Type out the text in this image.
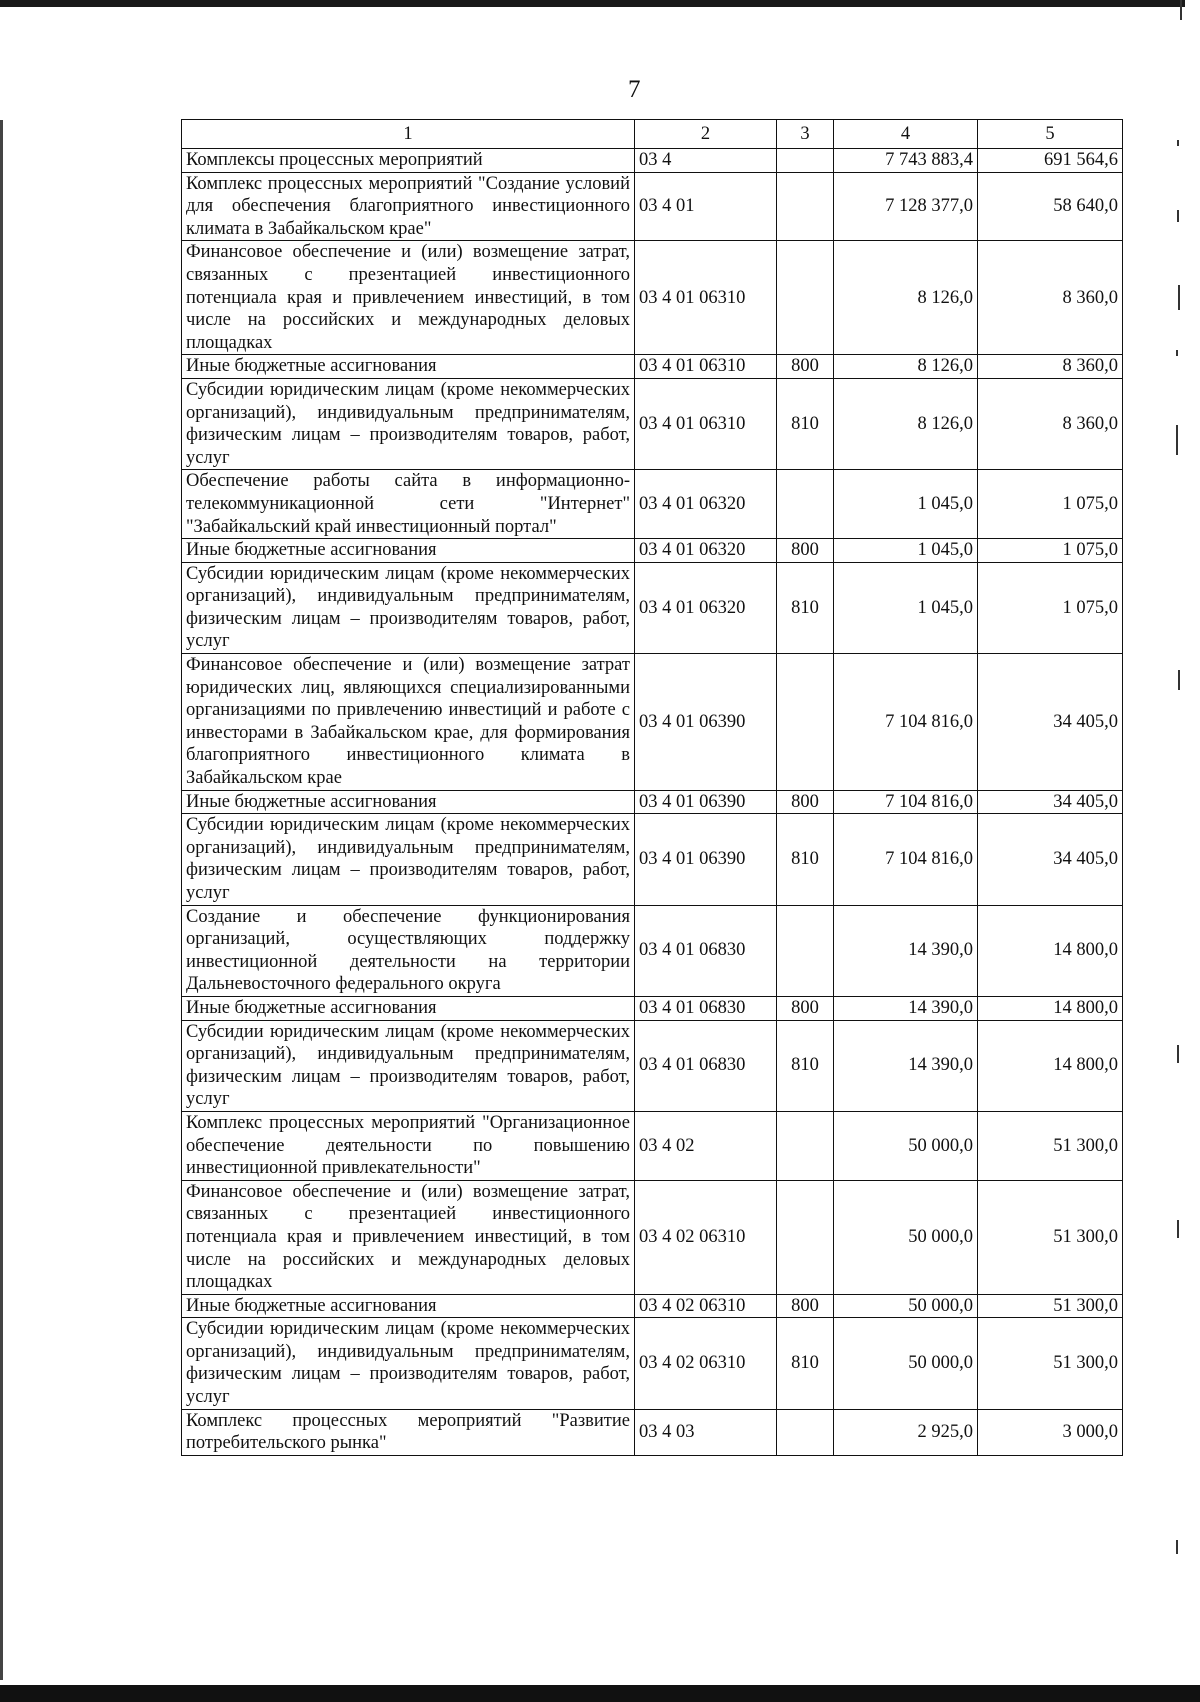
7
1	2	3	4	5
Комплексы процессных мероприятий	03 4		7 743 883,4	691 564,6
Комплекс процессных мероприятий "Создание условий для обеспечения благоприятного инвестиционного климата в Забайкальском крае"	03 4 01		7 128 377,0	58 640,0
Финансовое обеспечение и (или) возмещение затрат, связанных с презентацией инвестиционного потенциала края и привлечением инвестиций, в том числе на российских и международных деловых площадках	03 4 01 06310		8 126,0	8 360,0
Иные бюджетные ассигнования	03 4 01 06310	800	8 126,0	8 360,0
Субсидии юридическим лицам (кроме некоммерческих организаций), индивидуальным предпринимателям, физическим лицам – производителям товаров, работ, услуг	03 4 01 06310	810	8 126,0	8 360,0
Обеспечение работы сайта в информационно-телекоммуникационной сети "Интернет" "Забайкальский край инвестиционный портал"	03 4 01 06320		1 045,0	1 075,0
Иные бюджетные ассигнования	03 4 01 06320	800	1 045,0	1 075,0
Субсидии юридическим лицам (кроме некоммерческих организаций), индивидуальным предпринимателям, физическим лицам – производителям товаров, работ, услуг	03 4 01 06320	810	1 045,0	1 075,0
Финансовое обеспечение и (или) возмещение затрат юридических лиц, являющихся специализированными организациями по привлечению инвестиций и работе с инвесторами в Забайкальском крае, для формирования благоприятного инвестиционного климата в Забайкальском крае	03 4 01 06390		7 104 816,0	34 405,0
Иные бюджетные ассигнования	03 4 01 06390	800	7 104 816,0	34 405,0
Субсидии юридическим лицам (кроме некоммерческих организаций), индивидуальным предпринимателям, физическим лицам – производителям товаров, работ, услуг	03 4 01 06390	810	7 104 816,0	34 405,0
Создание и обеспечение функционирования организаций, осуществляющих поддержку инвестиционной деятельности на территории Дальневосточного федерального округа	03 4 01 06830		14 390,0	14 800,0
Иные бюджетные ассигнования	03 4 01 06830	800	14 390,0	14 800,0
Субсидии юридическим лицам (кроме некоммерческих организаций), индивидуальным предпринимателям, физическим лицам – производителям товаров, работ, услуг	03 4 01 06830	810	14 390,0	14 800,0
Комплекс процессных мероприятий "Организационное обеспечение деятельности по повышению инвестиционной привлекательности"	03 4 02		50 000,0	51 300,0
Финансовое обеспечение и (или) возмещение затрат, связанных с презентацией инвестиционного потенциала края и привлечением инвестиций, в том числе на российских и международных деловых площадках	03 4 02 06310		50 000,0	51 300,0
Иные бюджетные ассигнования	03 4 02 06310	800	50 000,0	51 300,0
Субсидии юридическим лицам (кроме некоммерческих организаций), индивидуальным предпринимателям, физическим лицам – производителям товаров, работ, услуг	03 4 02 06310	810	50 000,0	51 300,0
Комплекс процессных мероприятий "Развитие потребительского рынка"	03 4 03		2 925,0	3 000,0
